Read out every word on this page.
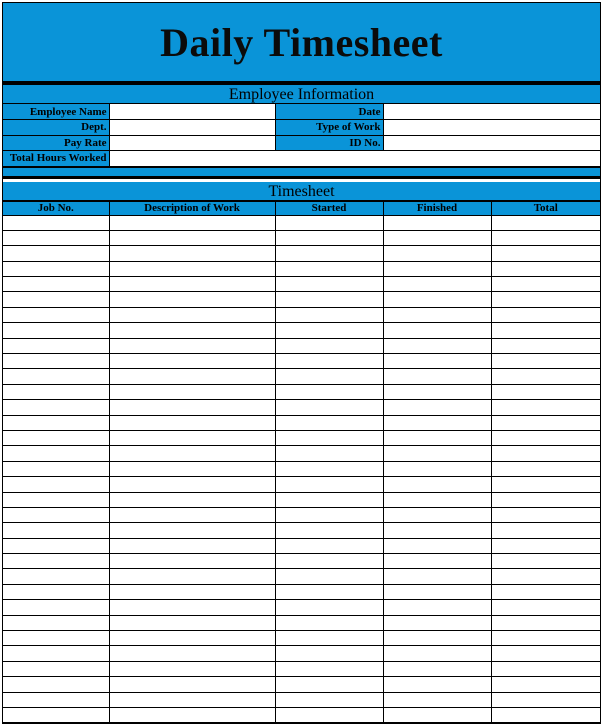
Daily Timesheet
Employee Information
Employee Name		Date	
Dept.		Type of Work	
Pay Rate		ID No.	
Total Hours Worked			
Timesheet
Job No.	Description of Work	Started	Finished	Total
